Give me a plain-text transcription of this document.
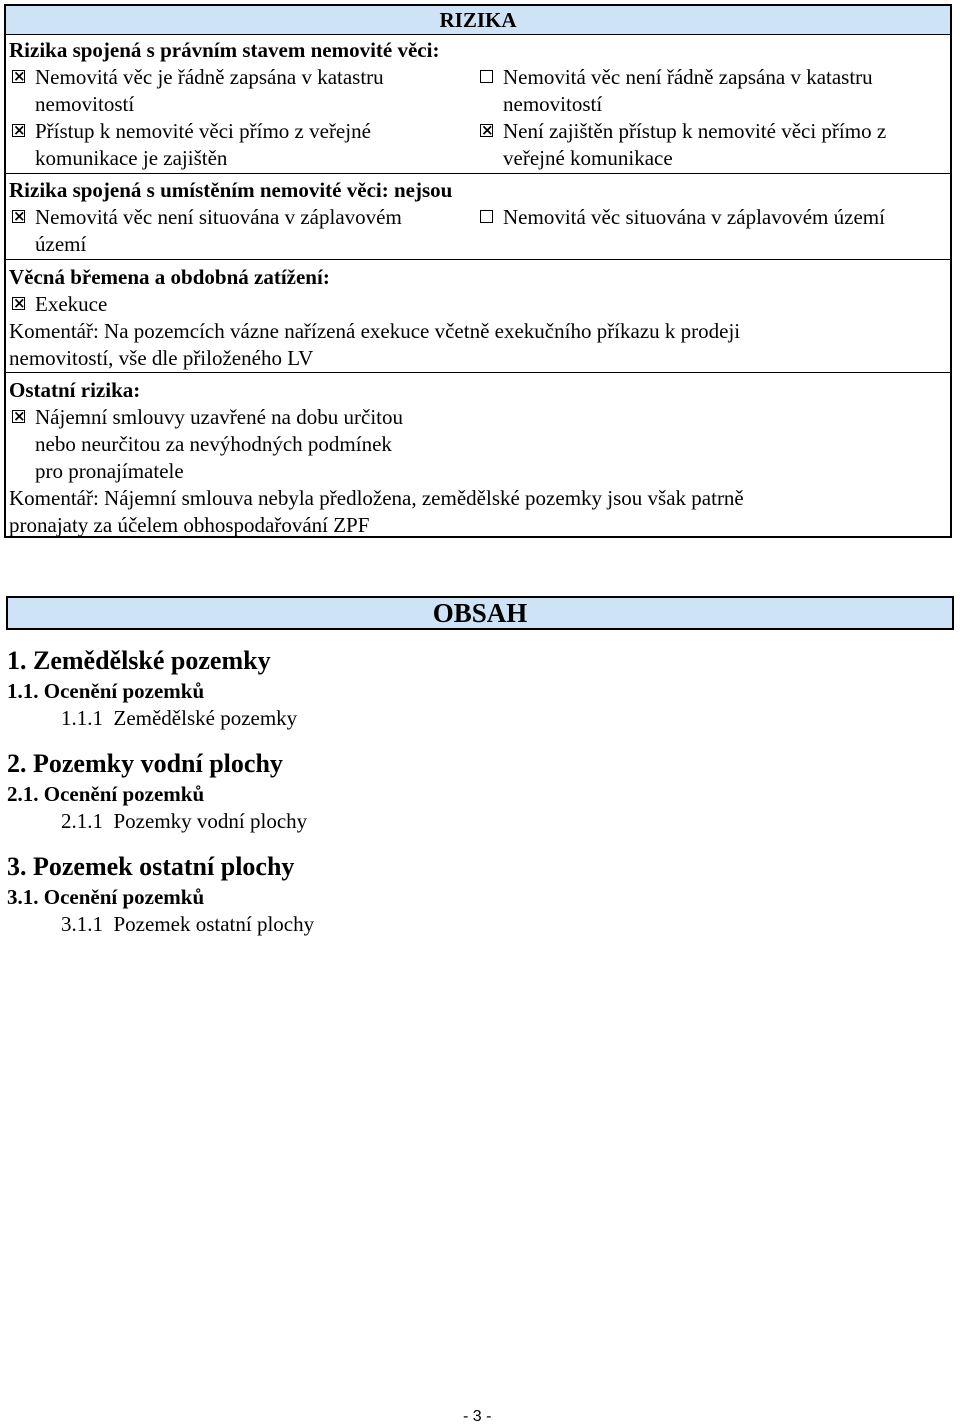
RIZIKA
Rizika spojená s právním stavem nemovité věci:
×
Nemovitá věc je řádně zapsána v katastru
nemovitostí
Nemovitá věc není řádně zapsána v katastru
nemovitostí
×
Přístup k nemovité věci přímo z veřejné
komunikace je zajištěn
×
Není zajištěn přístup k nemovité věci přímo z
veřejné komunikace
Rizika spojená s umístěním nemovité věci: nejsou
×
Nemovitá věc není situována v záplavovém
území
Nemovitá věc situována v záplavovém území
Věcná břemena a obdobná zatížení:
×
Exekuce
Komentář: Na pozemcích vázne nařízená exekuce včetně exekučního příkazu k prodeji
nemovitostí, vše dle přiloženého LV
Ostatní rizika:
×
Nájemní smlouvy uzavřené na dobu určitou
nebo neurčitou za nevýhodných podmínek
pro pronajímatele
Komentář: Nájemní smlouva nebyla předložena, zemědělské pozemky jsou však patrně
pronajaty za účelem obhospodařování ZPF
OBSAH
1. Zemědělské pozemky
1.1. Ocenění pozemků
1.1.1  Zemědělské pozemky
2. Pozemky vodní plochy
2.1. Ocenění pozemků
2.1.1  Pozemky vodní plochy
3. Pozemek ostatní plochy
3.1. Ocenění pozemků
3.1.1  Pozemek ostatní plochy
- 3 -
